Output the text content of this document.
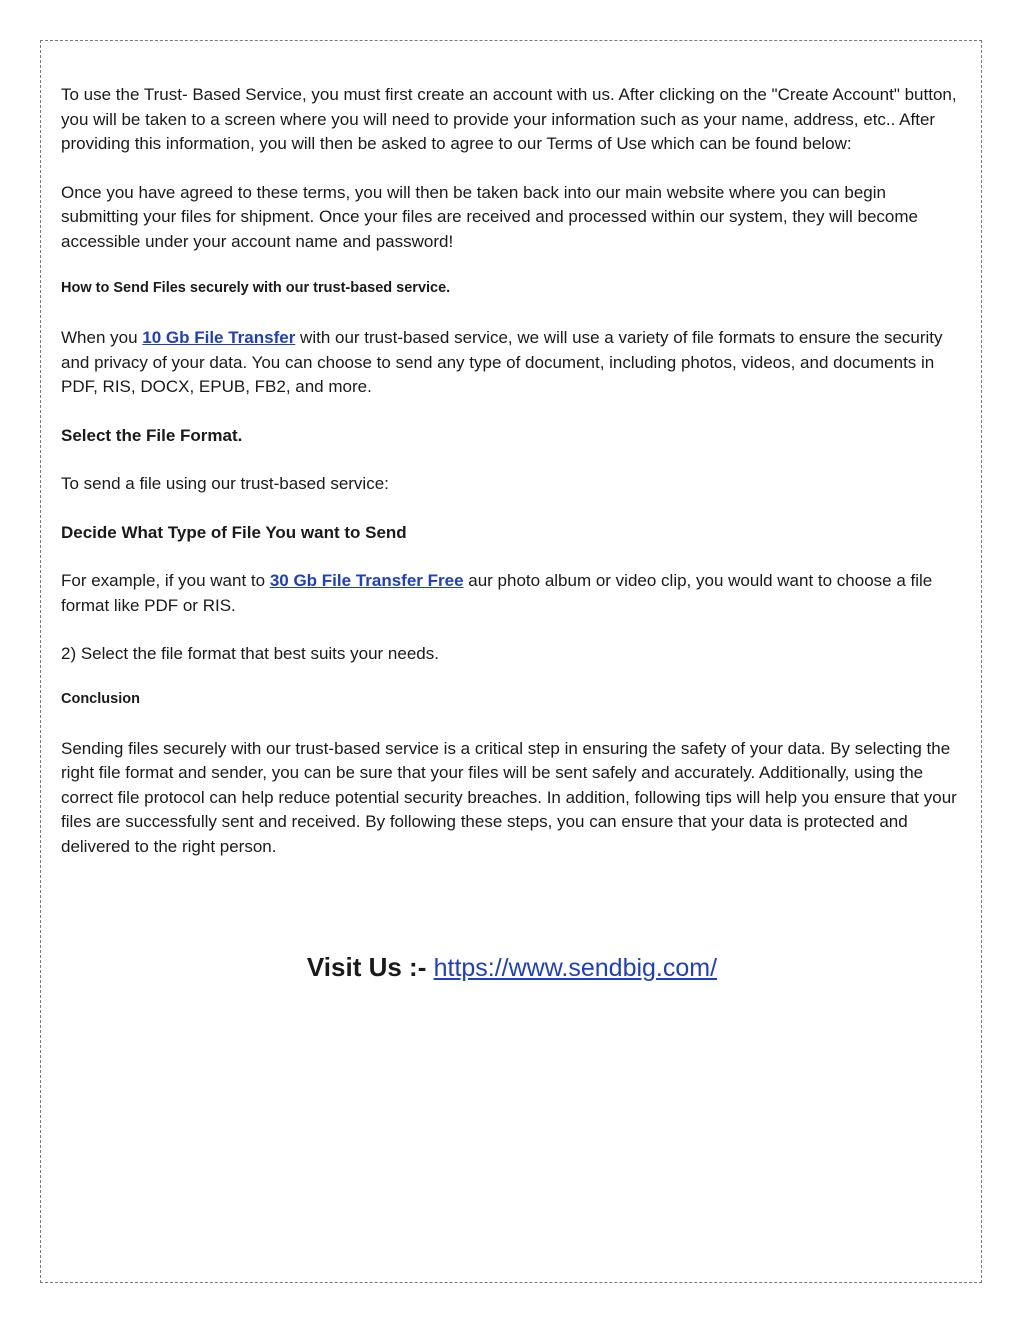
To use the Trust- Based Service, you must first create an account with us. After clicking on the "Create Account" button, you will be taken to a screen where you will need to provide your information such as your name, address, etc.. After providing this information, you will then be asked to agree to our Terms of Use which can be found below:

Once you have agreed to these terms, you will then be taken back into our main website where you can begin submitting your files for shipment. Once your files are received and processed within our system, they will become accessible under your account name and password!

How to Send Files securely with our trust-based service.

When you 10 Gb File Transfer with our trust-based service, we will use a variety of file formats to ensure the security and privacy of your data. You can choose to send any type of document, including photos, videos, and documents in PDF, RIS, DOCX, EPUB, FB2, and more.

Select the File Format.

To send a file using our trust-based service:

Decide What Type of File You want to Send

For example, if you want to 30 Gb File Transfer Free aur photo album or video clip, you would want to choose a file format like PDF or RIS.

2) Select the file format that best suits your needs.

Conclusion

Sending files securely with our trust-based service is a critical step in ensuring the safety of your data. By selecting the right file format and sender, you can be sure that your files will be sent safely and accurately. Additionally, using the correct file protocol can help reduce potential security breaches. In addition, following tips will help you ensure that your files are successfully sent and received. By following these steps, you can ensure that your data is protected and delivered to the right person.

Visit Us :- https://www.sendbig.com/
